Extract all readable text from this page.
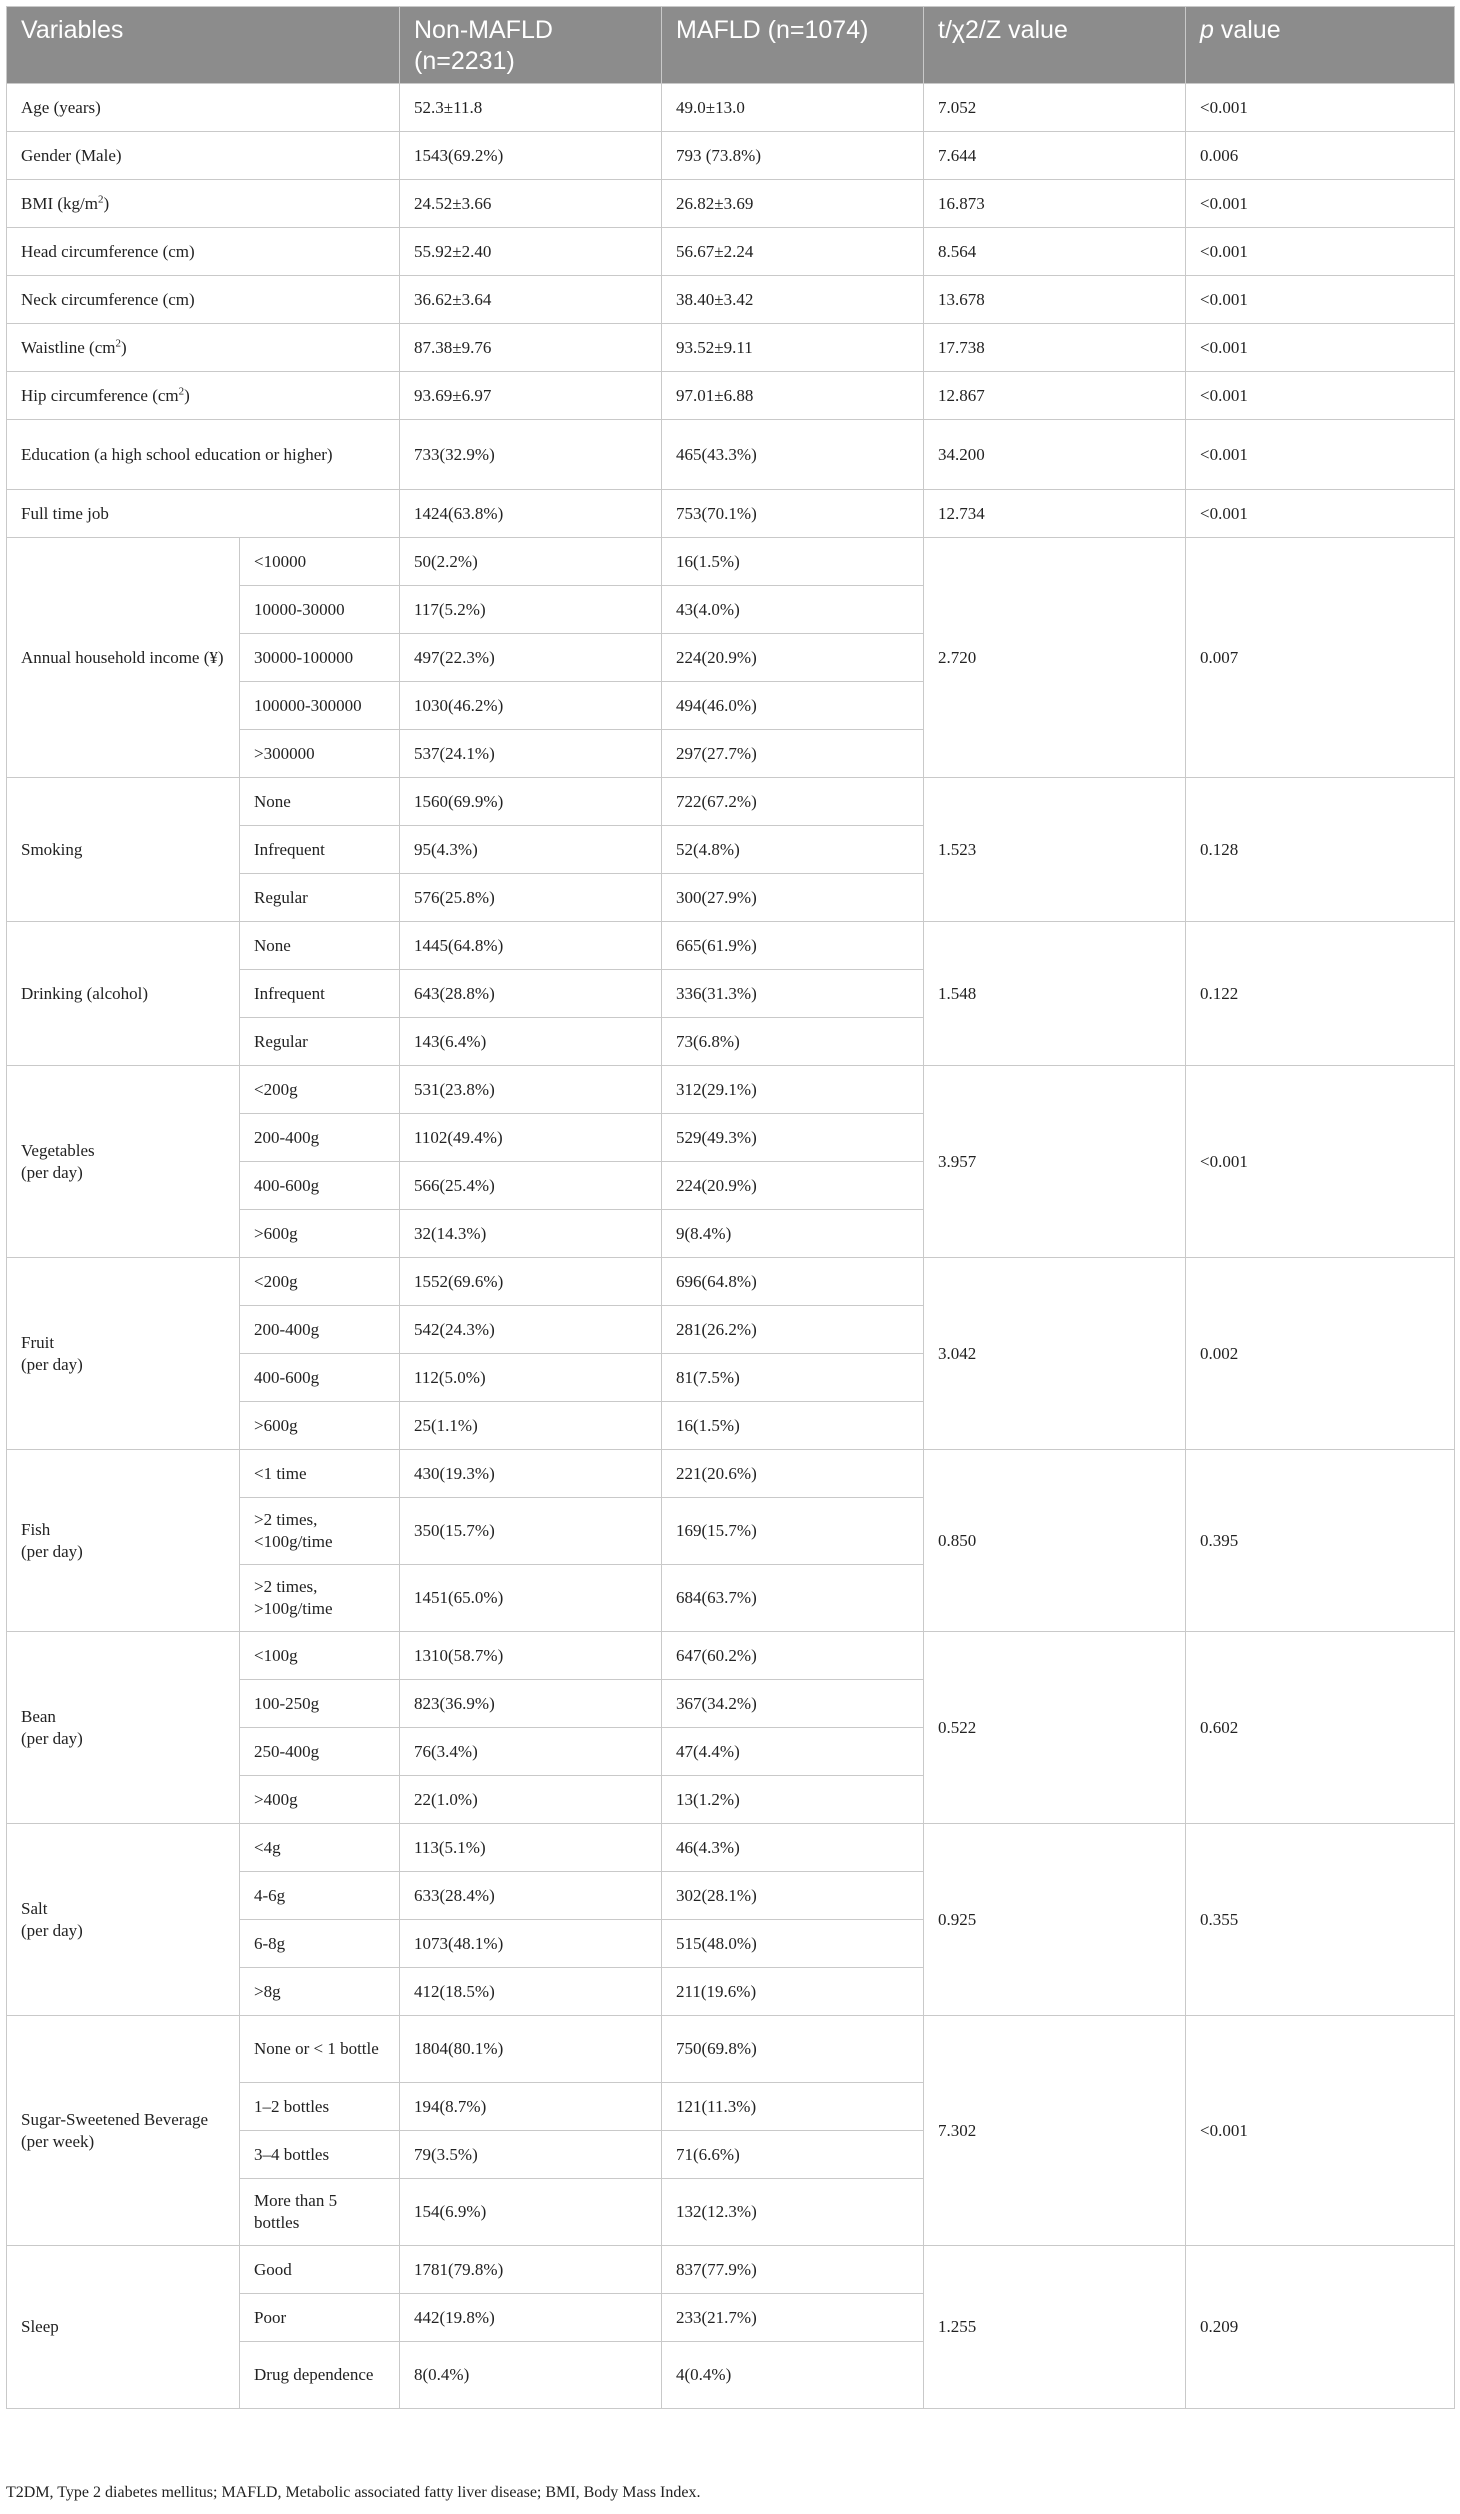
Variables		Non-MAFLD (n=2231)	MAFLD (n=1074)	t/χ2/Z value	p value
Age (years)		52.3±11.8	49.0±13.0	7.052	<0.001
Gender (Male)		1543(69.2%)	793 (73.8%)	7.644	0.006
BMI $(kg/m^2)$		24.52±3.66	26.82±3.69	16.873	<0.001
Head circumference (cm)		55.92±2.40	56.67±2.24	8.564	<0.001
Neck circumference (cm)		36.62±3.64	38.40±3.42	13.678	<0.001
Waistline $(cm^2)$		87.38±9.76	93.52±9.11	17.738	<0.001
Hip circumference $(cm^2)$		93.69±6.97	97.01±6.88	12.867	<0.001
Education (a high school education or higher)		733(32.9%)	465(43.3%)	34.200	<0.001
Full time job		1424(63.8%)	753(70.1%)	12.734	<0.001
Annual household income (¥)	<10000	50(2.2%)	16(1.5%)	2.720	0.007
	10000-30000	117(5.2%)	43(4.0%)		
	30000-100000	497(22.3%)	224(20.9%)		
	100000-300000	1030(46.2%)	494(46.0%)		
	>300000	537(24.1%)	297(27.7%)		
Smoking	None	1560(69.9%)	722(67.2%)	1.523	0.128
	Infrequent	95(4.3%)	52(4.8%)		
	Regular	576(25.8%)	300(27.9%)		
Drinking (alcohol)	None	1445(64.8%)	665(61.9%)	1.548	0.122
	Infrequent	643(28.8%)	336(31.3%)		
	Regular	143(6.4%)	73(6.8%)		
Vegetables
(per day)	<200g	531(23.8%)	312(29.1%)	3.957	<0.001
	200-400g	1102(49.4%)	529(49.3%)		
	400-600g	566(25.4%)	224(20.9%)		
	>600g	32(14.3%)	9(8.4%)		
Fruit
(per day)	<200g	1552(69.6%)	696(64.8%)	3.042	0.002
	200-400g	542(24.3%)	281(26.2%)		
	400-600g	112(5.0%)	81(7.5%)		
	>600g	25(1.1%)	16(1.5%)		
Fish
(per day)	<1 time	430(19.3%)	221(20.6%)	0.850	0.395
	>2 times, <100g/time	350(15.7%)	169(15.7%)		
	>2 times, >100g/time	1451(65.0%)	684(63.7%)		
Bean
(per day)	<100g	1310(58.7%)	647(60.2%)	0.522	0.602
	100-250g	823(36.9%)	367(34.2%)		
	250-400g	76(3.4%)	47(4.4%)		
	>400g	22(1.0%)	13(1.2%)		
Salt
(per day)	<4g	113(5.1%)	46(4.3%)	0.925	0.355
	4-6g	633(28.4%)	302(28.1%)		
	6-8g	1073(48.1%)	515(48.0%)		
	>8g	412(18.5%)	211(19.6%)		
Sugar-Sweetened Beverage (per week)	None or < 1 bottle	1804(80.1%)	750(69.8%)	7.302	<0.001
	1–2 bottles	194(8.7%)	121(11.3%)		
	3–4 bottles	79(3.5%)	71(6.6%)		
	More than 5 bottles	154(6.9%)	132(12.3%)		
Sleep	Good	1781(79.8%)	837(77.9%)	1.255	0.209
	Poor	442(19.8%)	233(21.7%)		
	Drug dependence	8(0.4%)	4(0.4%)		
T2DM, Type 2 diabetes mellitus; MAFLD, Metabolic associated fatty liver disease; BMI, Body Mass Index.
